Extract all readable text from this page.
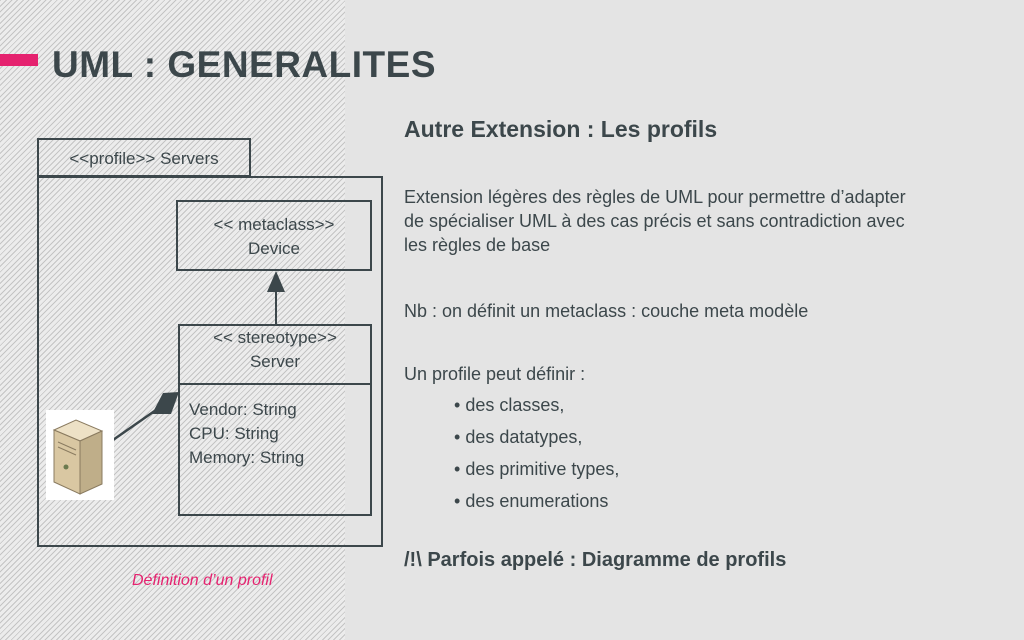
UML : GENERALITES
<<profile>> Servers
<< metaclass>>
Device
<< stereotype>>
Server
Vendor: String
CPU: String
Memory: String
Définition d’un profil
Autre Extension : Les profils
Extension légères des règles de UML pour permettre d’adapter de spécialiser UML à des cas précis et sans contradiction avec les règles de base
Nb : on définit un metaclass : couche meta modèle
Un profile peut définir :
• des classes,
• des datatypes,
• des primitive types,
• des enumerations
/!\ Parfois appelé : Diagramme de profils
